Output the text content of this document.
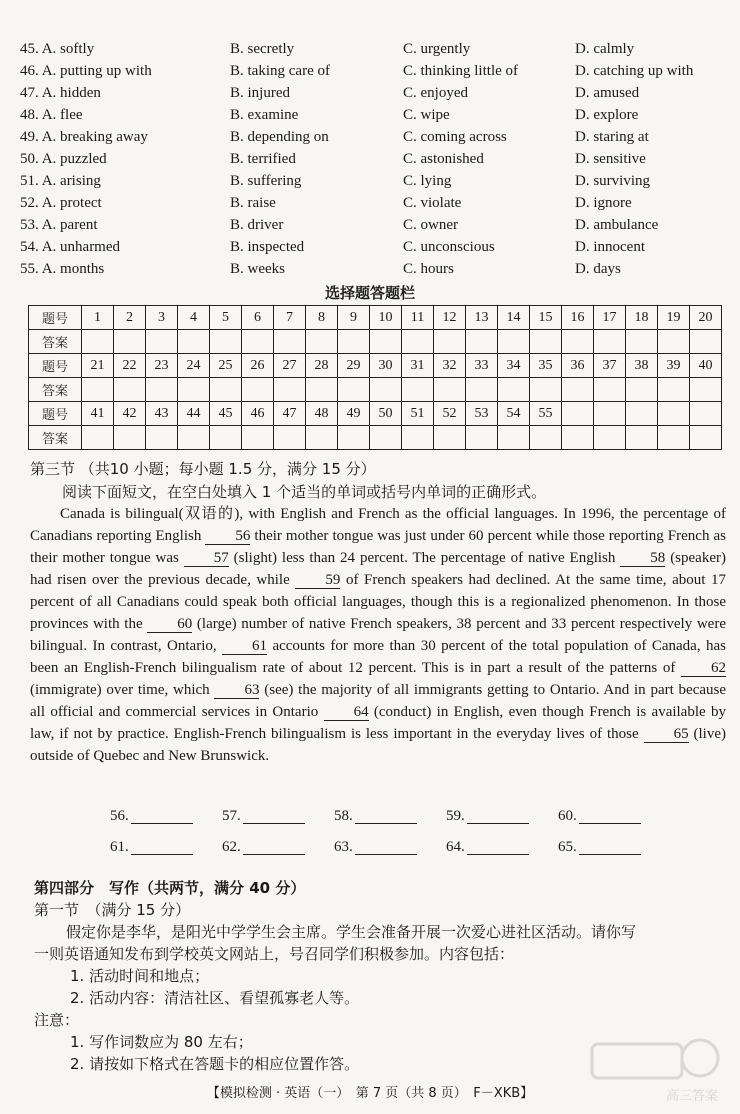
45. A. softly	B. secretly	C. urgently	D. calmly
46. A. putting up with	B. taking care of	C. thinking little of	D. catching up with
47. A. hidden	B. injured	C. enjoyed	D. amused
48. A. flee	B. examine	C. wipe	D. explore
49. A. breaking away	B. depending on	C. coming across	D. staring at
50. A. puzzled	B. terrified	C. astonished	D. sensitive
51. A. arising	B. suffering	C. lying	D. surviving
52. A. protect	B. raise	C. violate	D. ignore
53. A. parent	B. driver	C. owner	D. ambulance
54. A. unharmed	B. inspected	C. unconscious	D. innocent
55. A. months	B. weeks	C. hours	D. days
选择题答题栏
题号	1	2	3	4	5	6	7	8	9	10	11	12	13	14	15	16	17	18	19	20
答案																				
题号	21	22	23	24	25	26	27	28	29	30	31	32	33	34	35	36	37	38	39	40
答案																				
题号	41	42	43	44	45	46	47	48	49	50	51	52	53	54	55					
答案																				
第三节 （共10 小题；每小题 1.5 分，满分 15 分）
阅读下面短文，在空白处填入 1 个适当的单词或括号内单词的正确形式。

Canada is bilingual(双语的), with English and French as the official languages. In 1996, the percentage of Canadians reporting English 56 their mother tongue was just under 60 percent while those reporting French as their mother tongue was 57 (slight) less than 24 percent. The percentage of native English 58 (speaker) had risen over the previous decade, while 59 of French speakers had declined. At the same time, about 17 percent of all Canadians could speak both official languages, though this is a regionalized phenomenon. In those provinces with the 60 (large) number of native French speakers, 38 percent and 33 percent respectively were bilingual. In contrast, Ontario, 61 accounts for more than 30 percent of the total population of Canada, has been an English-French bilingualism rate of about 12 percent. This is in part a result of the patterns of 62 (immigrate) over time, which 63 (see) the majority of all immigrants getting to Ontario. And in part because all official and commercial services in Ontario 64 (conduct) in English, even though French is available by law, if not by practice. English-French bilingualism is less important in the everyday lives of those 65 (live) outside of Quebec and New Brunswick.

56.	57.	58.	59.	60.
61.	62.	63.	64.	65.
第四部分　写作（共两节，满分 40 分）
第一节　（满分 15 分）
假定你是李华，是阳光中学学生会主席。学生会准备开展一次爱心进社区活动。请你写
一则英语通知发布到学校英文网站上，号召同学们积极参加。内容包括：
1. 活动时间和地点；
2. 活动内容：清洁社区、看望孤寡老人等。
注意：
1. 写作词数应为 80 左右；
2. 请按如下格式在答题卡的相应位置作答。
【模拟检测 · 英语（一）　第 7 页（共 8 页）　F－XKB】	高三答案
